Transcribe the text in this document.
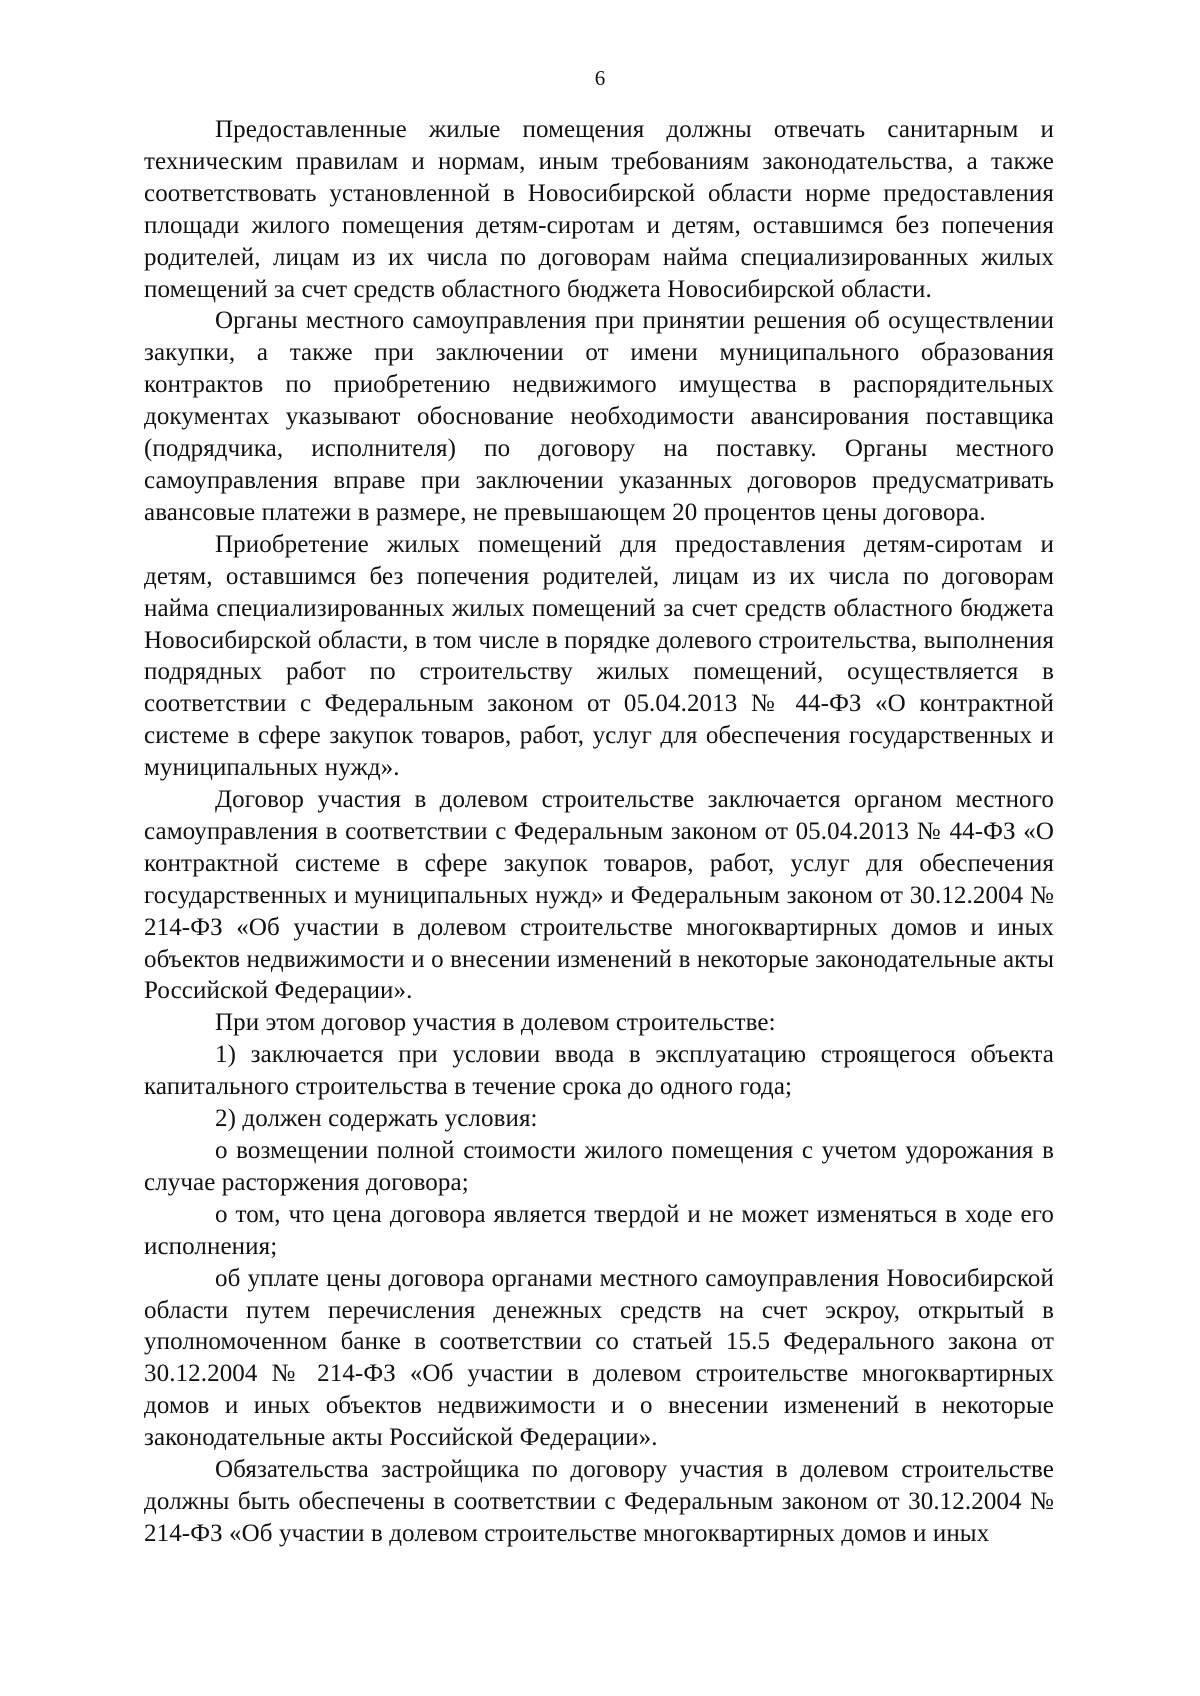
6

Предоставленные жилые помещения должны отвечать санитарным и техническим правилам и нормам, иным требованиям законодательства, а также соответствовать установленной в Новосибирской области норме предоставления площади жилого помещения детям-сиротам и детям, оставшимся без попечения родителей, лицам из их числа по договорам найма специализированных жилых помещений за счет средств областного бюджета Новосибирской области.

Органы местного самоуправления при принятии решения об осуществлении закупки, а также при заключении от имени муниципального образования контрактов по приобретению недвижимого имущества в распорядительных документах указывают обоснование необходимости авансирования поставщика (подрядчика, исполнителя) по договору на поставку. Органы местного самоуправления вправе при заключении указанных договоров предусматривать авансовые платежи в размере, не превышающем 20 процентов цены договора.

Приобретение жилых помещений для предоставления детям-сиротам и детям, оставшимся без попечения родителей, лицам из их числа по договорам найма специализированных жилых помещений за счет средств областного бюджета Новосибирской области, в том числе в порядке долевого строительства, выполнения подрядных работ по строительству жилых помещений, осуществляется в соответствии с Федеральным законом от 05.04.2013 № 44-ФЗ «О контрактной системе в сфере закупок товаров, работ, услуг для обеспечения государственных и муниципальных нужд».

Договор участия в долевом строительстве заключается органом местного самоуправления в соответствии с Федеральным законом от 05.04.2013 № 44-ФЗ «О контрактной системе в сфере закупок товаров, работ, услуг для обеспечения государственных и муниципальных нужд» и Федеральным законом от 30.12.2004 № 214-ФЗ «Об участии в долевом строительстве многоквартирных домов и иных объектов недвижимости и о внесении изменений в некоторые законодательные акты Российской Федерации».

При этом договор участия в долевом строительстве:

1) заключается при условии ввода в эксплуатацию строящегося объекта капитального строительства в течение срока до одного года;

2) должен содержать условия:

о возмещении полной стоимости жилого помещения с учетом удорожания в случае расторжения договора;

о том, что цена договора является твердой и не может изменяться в ходе его исполнения;

об уплате цены договора органами местного самоуправления Новосибирской области путем перечисления денежных средств на счет эскроу, открытый в уполномоченном банке в соответствии со статьей 15.5 Федерального закона от 30.12.2004 № 214-ФЗ «Об участии в долевом строительстве многоквартирных домов и иных объектов недвижимости и о внесении изменений в некоторые законодательные акты Российской Федерации».

Обязательства застройщика по договору участия в долевом строительстве должны быть обеспечены в соответствии с Федеральным законом от 30.12.2004 № 214-ФЗ «Об участии в долевом строительстве многоквартирных домов и иных
